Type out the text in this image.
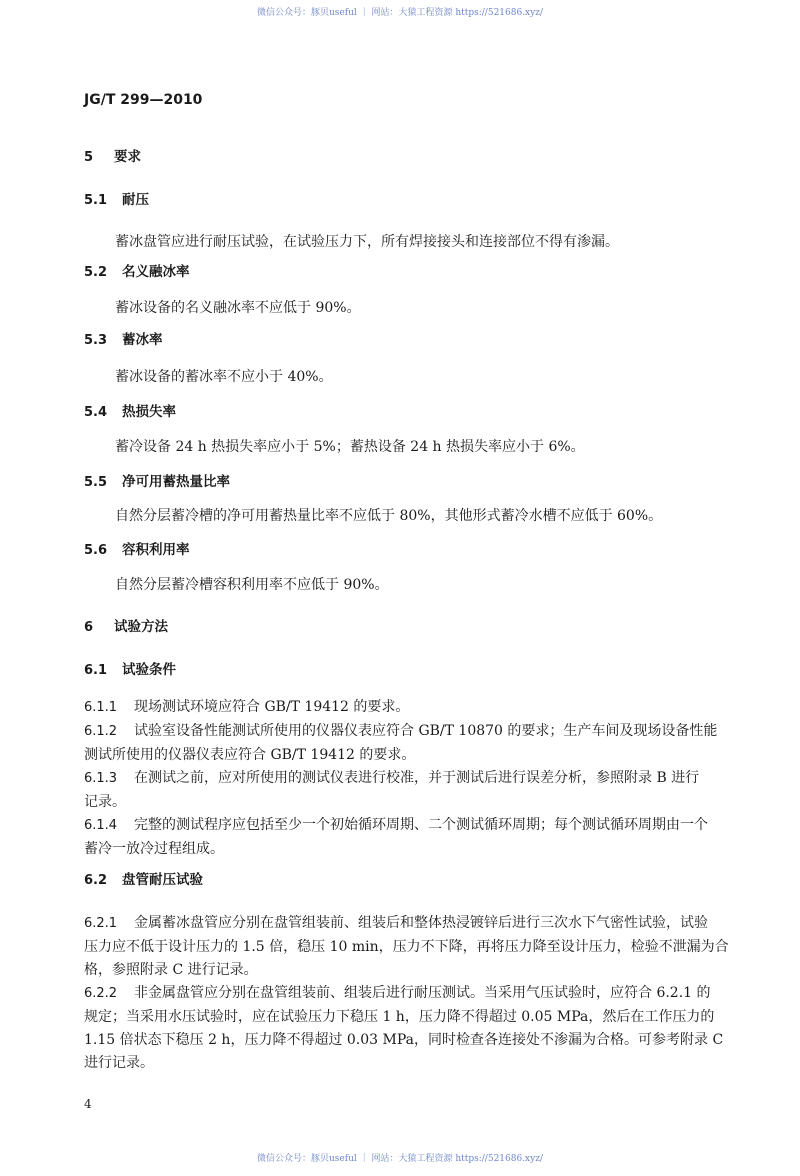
微信公众号：豚贝useful ｜ 网站：大猿工程资源 https://521686.xyz/
JG/T 299—2010
5 要求
5.1 耐压
蓄冰盘管应进行耐压试验，在试验压力下，所有焊接接头和连接部位不得有渗漏。
5.2 名义融冰率
蓄冰设备的名义融冰率不应低于 90%。
5.3 蓄冰率
蓄冰设备的蓄冰率不应小于 40%。
5.4 热损失率
蓄冷设备 24 h 热损失率应小于 5%；蓄热设备 24 h 热损失率应小于 6%。
5.5 净可用蓄热量比率
自然分层蓄冷槽的净可用蓄热量比率不应低于 80%，其他形式蓄冷水槽不应低于 60%。
5.6 容积利用率
自然分层蓄冷槽容积利用率不应低于 90%。
6 试验方法
6.1 试验条件
6.1.1 现场测试环境应符合 GB/T 19412 的要求。
6.1.2 试验室设备性能测试所使用的仪器仪表应符合 GB/T 10870 的要求；生产车间及现场设备性能
测试所使用的仪器仪表应符合 GB/T 19412 的要求。
6.1.3 在测试之前，应对所使用的测试仪表进行校准，并于测试后进行误差分析，参照附录 B 进行
记录。
6.1.4 完整的测试程序应包括至少一个初始循环周期、二个测试循环周期；每个测试循环周期由一个
蓄冷一放冷过程组成。
6.2 盘管耐压试验
6.2.1 金属蓄冰盘管应分别在盘管组装前、组装后和整体热浸镀锌后进行三次水下气密性试验，试验
压力应不低于设计压力的 1.5 倍，稳压 10 min，压力不下降，再将压力降至设计压力，检验不泄漏为合
格，参照附录 C 进行记录。
6.2.2 非金属盘管应分别在盘管组装前、组装后进行耐压测试。当采用气压试验时，应符合 6.2.1 的
规定；当采用水压试验时，应在试验压力下稳压 1 h，压力降不得超过 0.05 MPa，然后在工作压力的
1.15 倍状态下稳压 2 h，压力降不得超过 0.03 MPa，同时检查各连接处不渗漏为合格。可参考附录 C
进行记录。
4
微信公众号：豚贝useful ｜ 网站：大猿工程资源 https://521686.xyz/
